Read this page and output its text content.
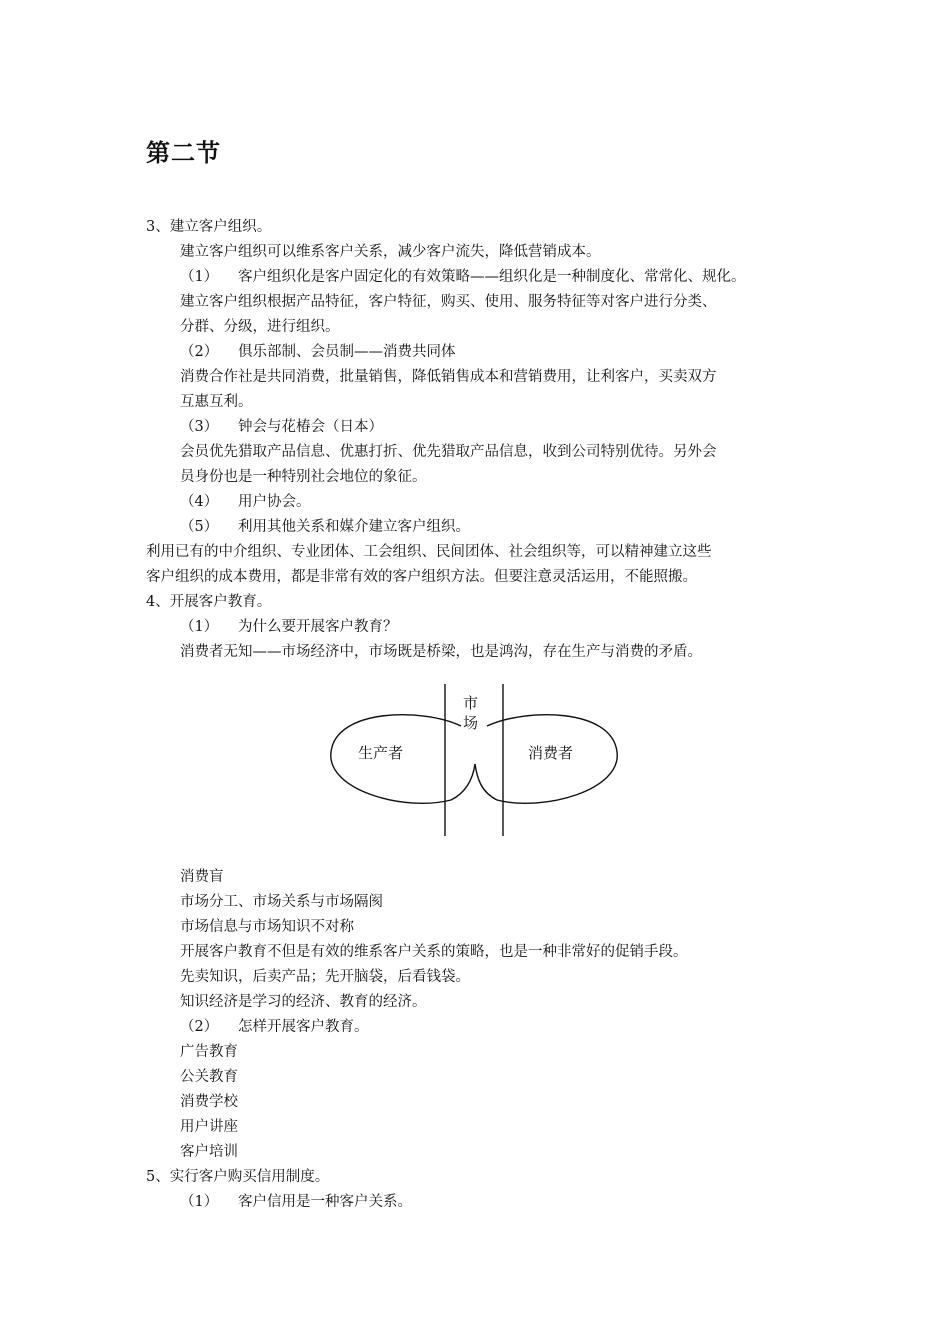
第二节
3、建立客户组织。
建立客户组织可以维系客户关系，减少客户流失，降低营销成本。
（1） 客户组织化是客户固定化的有效策略——组织化是一种制度化、常常化、规化。
建立客户组织根据产品特征，客户特征，购买、使用、服务特征等对客户进行分类、
分群、分级，进行组织。
（2） 俱乐部制、会员制——消费共同体
消费合作社是共同消费，批量销售，降低销售成本和营销费用，让利客户，买卖双方
互惠互利。
（3） 钟会与花椿会（日本）
会员优先猎取产品信息、优惠打折、优先猎取产品信息，收到公司特别优待。另外会
员身份也是一种特别社会地位的象征。
（4） 用户协会。
（5） 利用其他关系和媒介建立客户组织。
利用已有的中介组织、专业团体、工会组织、民间团体、社会组织等，可以精神建立这些
客户组织的成本费用，都是非常有效的客户组织方法。但要注意灵活运用，不能照搬。
4、开展客户教育。
（1） 为什么要开展客户教育？
消费者无知——市场经济中，市场既是桥梁，也是鸿沟，存在生产与消费的矛盾。
消费盲
市场分工、市场关系与市场隔阂
市场信息与市场知识不对称
开展客户教育不但是有效的维系客户关系的策略，也是一种非常好的促销手段。
先卖知识，后卖产品；先开脑袋，后看钱袋。
知识经济是学习的经济、教育的经济。
（2） 怎样开展客户教育。
广告教育
公关教育
消费学校
用户讲座
客户培训
5、实行客户购买信用制度。
（1） 客户信用是一种客户关系。
生产者	消费者
市
场
